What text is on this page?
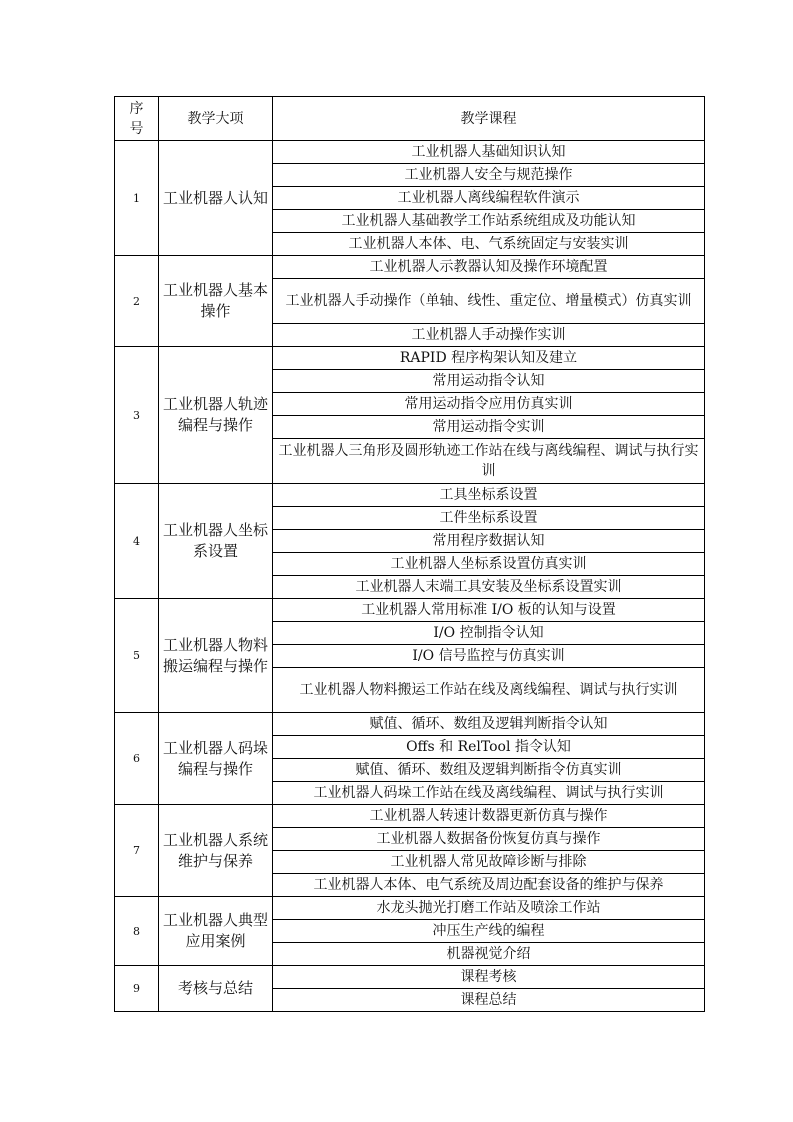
序号	教学大项	教学课程
1	工业机器人认知	工业机器人基础知识认知
		工业机器人安全与规范操作
		工业机器人离线编程软件演示
		工业机器人基础教学工作站系统组成及功能认知
		工业机器人本体、电、气系统固定与安装实训
2	工业机器人基本操作	工业机器人示教器认知及操作环境配置
		工业机器人手动操作（单轴、线性、重定位、增量模式）仿真实训
		工业机器人手动操作实训
3	工业机器人轨迹编程与操作	RAPID 程序构架认知及建立
		常用运动指令认知
		常用运动指令应用仿真实训
		常用运动指令实训
		工业机器人三角形及圆形轨迹工作站在线与离线编程、调试与执行实训
4	工业机器人坐标系设置	工具坐标系设置
		工件坐标系设置
		常用程序数据认知
		工业机器人坐标系设置仿真实训
		工业机器人末端工具安装及坐标系设置实训
5	工业机器人物料搬运编程与操作	工业机器人常用标准 I/O 板的认知与设置
		I/O 控制指令认知
		I/O 信号监控与仿真实训
		工业机器人物料搬运工作站在线及离线编程、调试与执行实训
6	工业机器人码垛编程与操作	赋值、循环、数组及逻辑判断指令认知
		Offs 和 RelTool 指令认知
		赋值、循环、数组及逻辑判断指令仿真实训
		工业机器人码垛工作站在线及离线编程、调试与执行实训
7	工业机器人系统维护与保养	工业机器人转速计数器更新仿真与操作
		工业机器人数据备份恢复仿真与操作
		工业机器人常见故障诊断与排除
		工业机器人本体、电气系统及周边配套设备的维护与保养
8	工业机器人典型应用案例	水龙头抛光打磨工作站及喷涂工作站
		冲压生产线的编程
		机器视觉介绍
9	考核与总结	课程考核
		课程总结
